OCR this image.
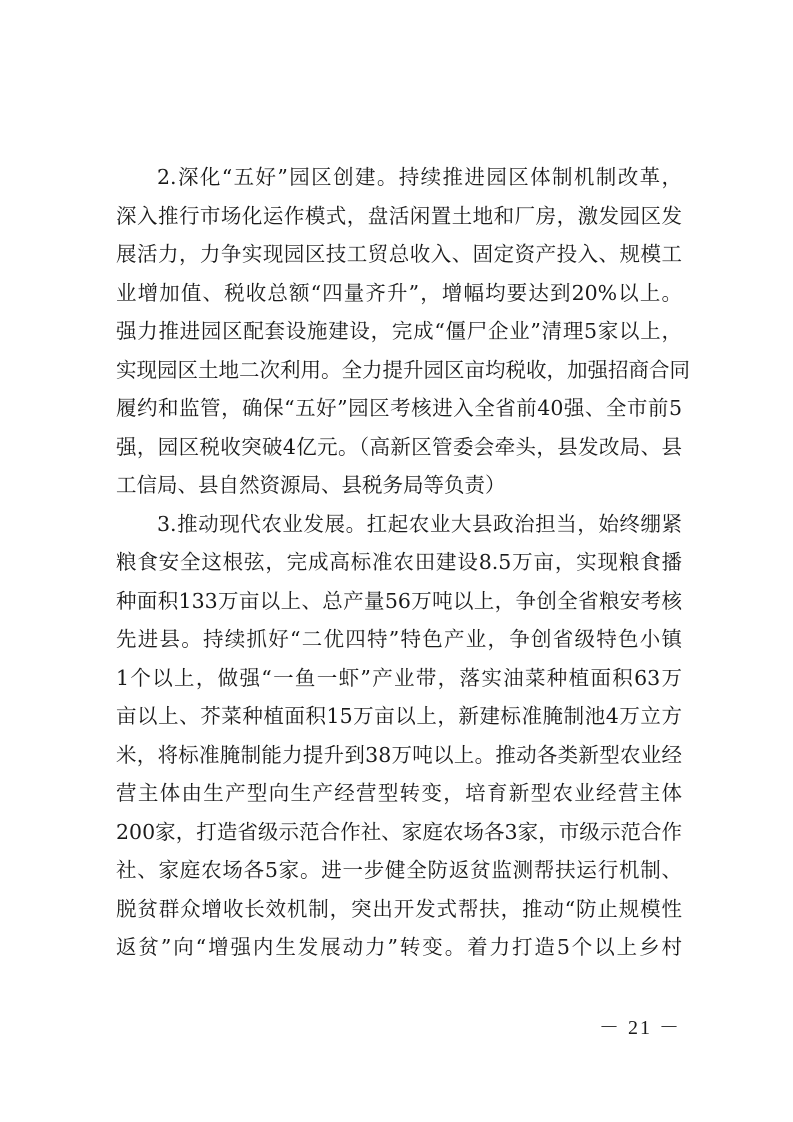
2.深化“五好”园区创建。持续推进园区体制机制改革，
深入推行市场化运作模式，盘活闲置土地和厂房，激发园区发
展活力，力争实现园区技工贸总收入、固定资产投入、规模工
业增加值、税收总额“四量齐升”，增幅均要达到20%以上。
强力推进园区配套设施建设，完成“僵尸企业”清理5家以上，
实现园区土地二次利用。全力提升园区亩均税收，加强招商合同
履约和监管，确保“五好”园区考核进入全省前40强、全市前5
强，园区税收突破4亿元。（高新区管委会牵头，县发改局、县
工信局、县自然资源局、县税务局等负责）
3.推动现代农业发展。扛起农业大县政治担当，始终绷紧
粮食安全这根弦，完成高标准农田建设8.5万亩，实现粮食播
种面积133万亩以上、总产量56万吨以上，争创全省粮安考核
先进县。持续抓好“二优四特”特色产业，争创省级特色小镇
1个以上，做强“一鱼一虾”产业带，落实油菜种植面积63万
亩以上、芥菜种植面积15万亩以上，新建标准腌制池4万立方
米，将标准腌制能力提升到38万吨以上。推动各类新型农业经
营主体由生产型向生产经营型转变，培育新型农业经营主体
200家，打造省级示范合作社、家庭农场各3家，市级示范合作
社、家庭农场各5家。进一步健全防返贫监测帮扶运行机制、
脱贫群众增收长效机制，突出开发式帮扶，推动“防止规模性
返贫”向“增强内生发展动力”转变。着力打造5个以上乡村
－ 21 －
